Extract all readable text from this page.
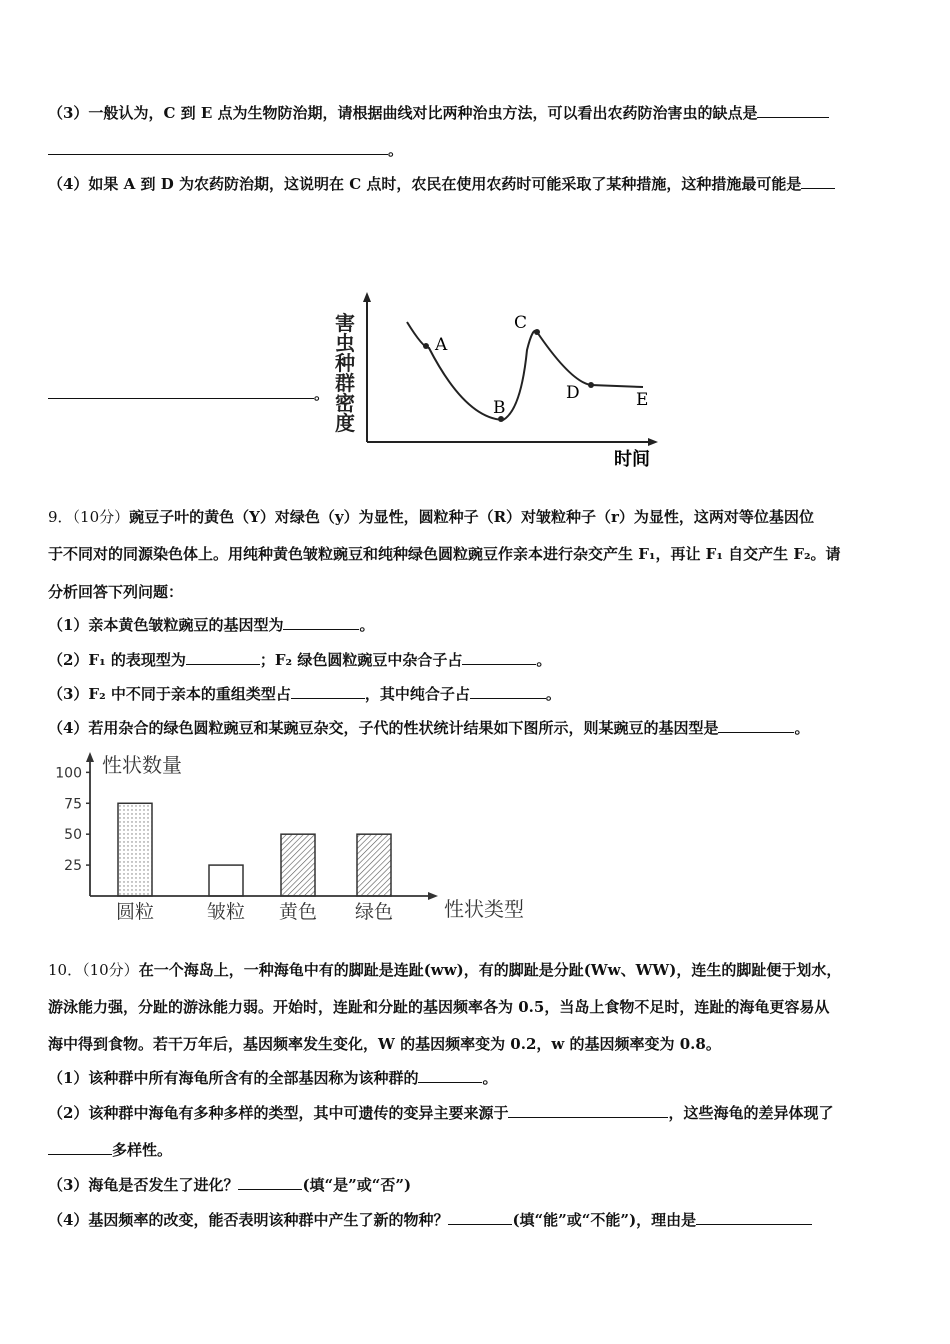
（3）一般认为，C 到 E 点为生物防治期，请根据曲线对比两种治虫方法，可以看出农药防治害虫的缺点是
。
（4）如果 A 到 D 为农药防治期，这说明在 C 点时，农民在使用农药时可能采取了某种措施，这种措施最可能是
。
害
虫
种
群
密
度
A
B
C
D	E
时间
9．（10分）豌豆子叶的黄色（Y）对绿色（y）为显性，圆粒种子（R）对皱粒种子（r）为显性，这两对等位基因位
于不同对的同源染色体上。用纯种黄色皱粒豌豆和纯种绿色圆粒豌豆作亲本进行杂交产生 F₁，再让 F₁ 自交产生 F₂。请
分析回答下列问题：
（1）亲本黄色皱粒豌豆的基因型为	。
（2）F₁ 的表现型为	；F₂ 绿色圆粒豌豆中杂合子占	。
（3）F₂ 中不同于亲本的重组类型占	，其中纯合子占	。
（4）若用杂合的绿色圆粒豌豆和某豌豆杂交，子代的性状统计结果如下图所示，则某豌豆的基因型是	。
性状数量
性状类型
25
50
75
100
圆粒	皱粒 黄色 绿色
10．（10分）在一个海岛上，一种海龟中有的脚趾是连趾(ww)，有的脚趾是分趾(Ww、WW)，连生的脚趾便于划水，
游泳能力强，分趾的游泳能力弱。开始时，连趾和分趾的基因频率各为 0.5，当岛上食物不足时，连趾的海龟更容易从
海中得到食物。若干万年后，基因频率发生变化，W 的基因频率变为 0.2，w 的基因频率变为 0.8。
（1）该种群中所有海龟所含有的全部基因称为该种群的	。
（2）该种群中海龟有多种多样的类型，其中可遗传的变异主要来源于	，这些海龟的差异体现了
多样性。
（3）海龟是否发生了进化？	(填“是”或“否”)
（4）基因频率的改变，能否表明该种群中产生了新的物种？	(填“能”或“不能”)，理由是
